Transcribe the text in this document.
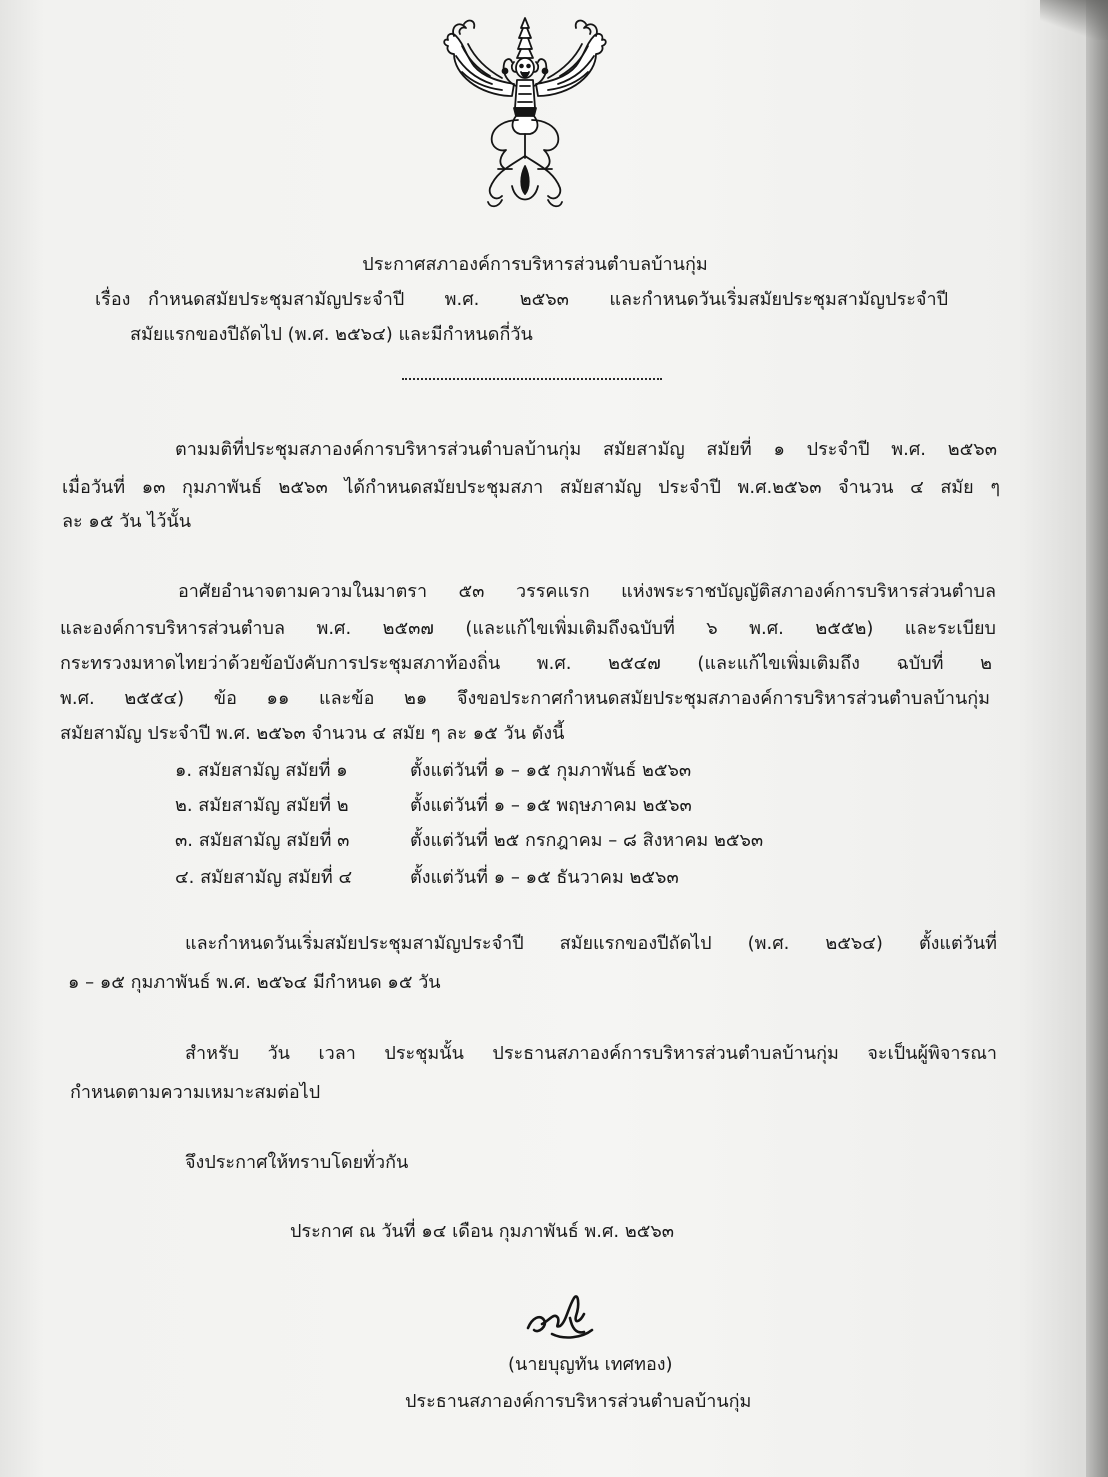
ประกาศสภาองค์การบริหารส่วนตำบลบ้านกุ่ม
เรื่อง กำหนดสมัยประชุมสามัญประจำปี พ.ศ. ๒๕๖๓ และกำหนดวันเริ่มสมัยประชุมสามัญประจำปี
สมัยแรกของปีถัดไป (พ.ศ. ๒๕๖๔) และมีกำหนดกี่วัน
ตามมติที่ประชุมสภาองค์การบริหารส่วนตำบลบ้านกุ่ม สมัยสามัญ สมัยที่ ๑ ประจำปี พ.ศ. ๒๕๖๓
เมื่อวันที่ ๑๓ กุมภาพันธ์ ๒๕๖๓ ได้กำหนดสมัยประชุมสภา สมัยสามัญ ประจำปี พ.ศ.๒๕๖๓ จำนวน ๔ สมัย ๆ
ละ ๑๕ วัน ไว้นั้น
อาศัยอำนาจตามความในมาตรา ๕๓ วรรคแรก แห่งพระราชบัญญัติสภาองค์การบริหารส่วนตำบล
และองค์การบริหารส่วนตำบล พ.ศ. ๒๕๓๗ (และแก้ไขเพิ่มเติมถึงฉบับที่ ๖ พ.ศ. ๒๕๕๒) และระเบียบ
กระทรวงมหาดไทยว่าด้วยข้อบังคับการประชุมสภาท้องถิ่น พ.ศ. ๒๕๔๗ (และแก้ไขเพิ่มเติมถึง ฉบับที่ ๒
พ.ศ. ๒๕๕๔) ข้อ ๑๑ และข้อ ๒๑ จึงขอประกาศกำหนดสมัยประชุมสภาองค์การบริหารส่วนตำบลบ้านกุ่ม
สมัยสามัญ ประจำปี พ.ศ. ๒๕๖๓ จำนวน ๔ สมัย ๆ ละ ๑๕ วัน ดังนี้
๑. สมัยสามัญ สมัยที่ ๑	ตั้งแต่วันที่ ๑ – ๑๕ กุมภาพันธ์ ๒๕๖๓
๒. สมัยสามัญ สมัยที่ ๒	ตั้งแต่วันที่ ๑ – ๑๕ พฤษภาคม ๒๕๖๓
๓. สมัยสามัญ สมัยที่ ๓	ตั้งแต่วันที่ ๒๕ กรกฎาคม – ๘ สิงหาคม ๒๕๖๓
๔. สมัยสามัญ สมัยที่ ๔	ตั้งแต่วันที่ ๑ – ๑๕ ธันวาคม ๒๕๖๓
และกำหนดวันเริ่มสมัยประชุมสามัญประจำปี สมัยแรกของปีถัดไป (พ.ศ. ๒๕๖๔) ตั้งแต่วันที่
๑ – ๑๕ กุมภาพันธ์ พ.ศ. ๒๕๖๔ มีกำหนด ๑๕ วัน
สำหรับ วัน เวลา ประชุมนั้น ประธานสภาองค์การบริหารส่วนตำบลบ้านกุ่ม จะเป็นผู้พิจารณา
กำหนดตามความเหมาะสมต่อไป
จึงประกาศให้ทราบโดยทั่วกัน
ประกาศ ณ วันที่ ๑๔ เดือน กุมภาพันธ์ พ.ศ. ๒๕๖๓
(นายบุญทัน เทศทอง)
ประธานสภาองค์การบริหารส่วนตำบลบ้านกุ่ม
